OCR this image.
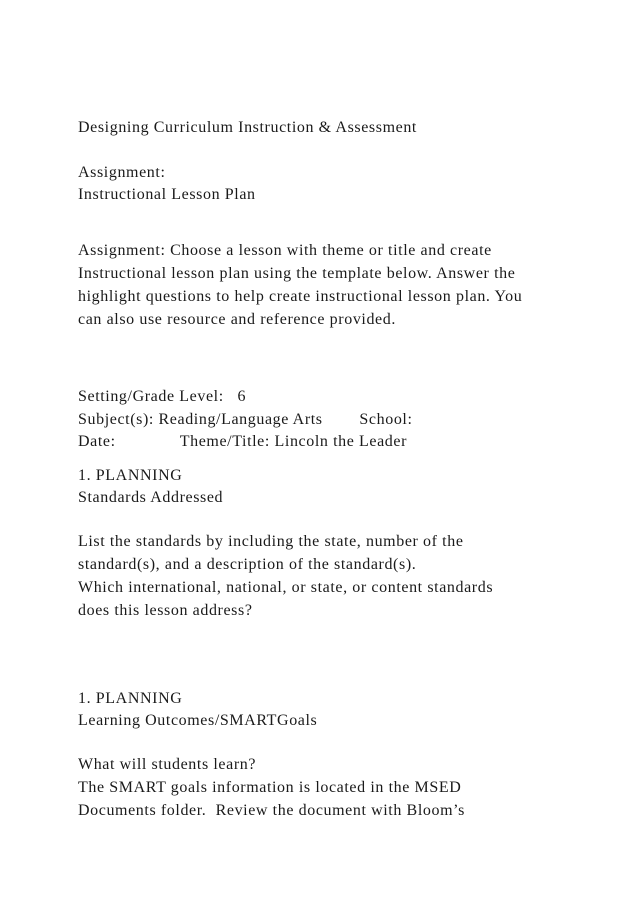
Designing Curriculum Instruction & Assessment
Assignment:
Instructional Lesson Plan
Assignment: Choose a lesson with theme or title and create
Instructional lesson plan using the template below. Answer the
highlight questions to help create instructional lesson plan. You
can also use resource and reference provided.
Setting/Grade Level:   6
Subject(s): Reading/Language Arts        School:
Date:              Theme/Title: Lincoln the Leader
1. PLANNING
Standards Addressed
List the standards by including the state, number of the
standard(s), and a description of the standard(s).
Which international, national, or state, or content standards
does this lesson address?
1. PLANNING
Learning Outcomes/SMARTGoals
What will students learn?
The SMART goals information is located in the MSED
Documents folder.  Review the document with Bloom’s
